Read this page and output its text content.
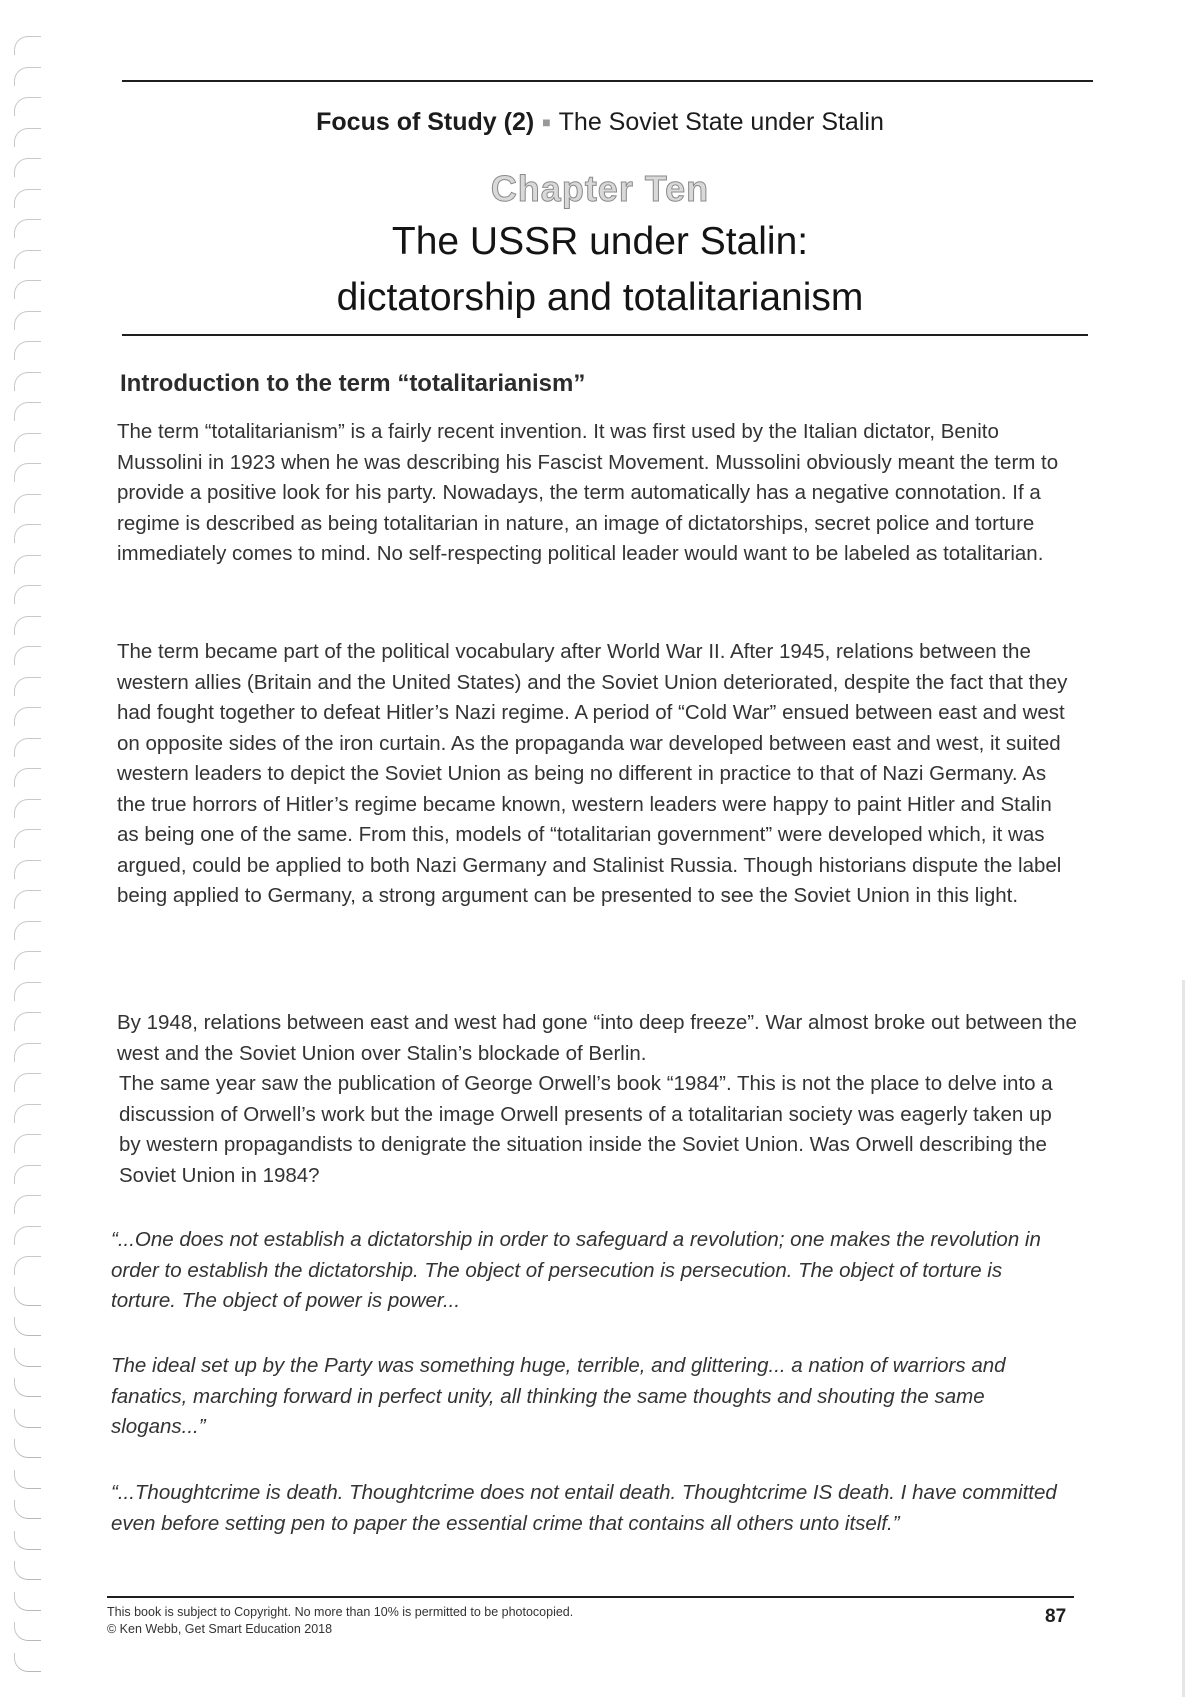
Focus of Study (2) ■ The Soviet State under Stalin
Chapter Ten
The USSR under Stalin:
dictatorship and totalitarianism
Introduction to the term “totalitarianism”

The term “totalitarianism” is a fairly recent invention. It was first used by the Italian dictator, Benito Mussolini in 1923 when he was describing his Fascist Movement. Mussolini obviously meant the term to provide a positive look for his party. Nowadays, the term automatically has a negative connotation. If a regime is described as being totalitarian in nature, an image of dictatorships, secret police and torture immediately comes to mind. No self-respecting political leader would want to be labeled as totalitarian.

The term became part of the political vocabulary after World War II. After 1945, relations between the western allies (Britain and the United States) and the Soviet Union deteriorated, despite the fact that they had fought together to defeat Hitler’s Nazi regime. A period of “Cold War” ensued between east and west on opposite sides of the iron curtain. As the propaganda war developed between east and west, it suited western leaders to depict the Soviet Union as being no different in practice to that of Nazi Germany. As the true horrors of Hitler’s regime became known, western leaders were happy to paint Hitler and Stalin as being one of the same. From this, models of “totalitarian government” were developed which, it was argued, could be applied to both Nazi Germany and Stalinist Russia. Though historians dispute the label being applied to Germany, a strong argument can be presented to see the Soviet Union in this light.

By 1948, relations between east and west had gone “into deep freeze”. War almost broke out between the west and the Soviet Union over Stalin’s blockade of Berlin.

The same year saw the publication of George Orwell’s book “1984”. This is not the place to delve into a discussion of Orwell’s work but the image Orwell presents of a totalitarian society was eagerly taken up by western propagandists to denigrate the situation inside the Soviet Union. Was Orwell describing the Soviet Union in 1984?

“...One does not establish a dictatorship in order to safeguard a revolution; one makes the revolution in order to establish the dictatorship. The object of persecution is persecution. The object of torture is torture. The object of power is power...

The ideal set up by the Party was something huge, terrible, and glittering... a nation of warriors and fanatics, marching forward in perfect unity, all thinking the same thoughts and shouting the same slogans...”

“...Thoughtcrime is death. Thoughtcrime does not entail death. Thoughtcrime IS death. I have committed even before setting pen to paper the essential crime that contains all others unto itself.”

This book is subject to Copyright. No more than 10% is permitted to be photocopied.
© Ken Webb, Get Smart Education 2018
87
